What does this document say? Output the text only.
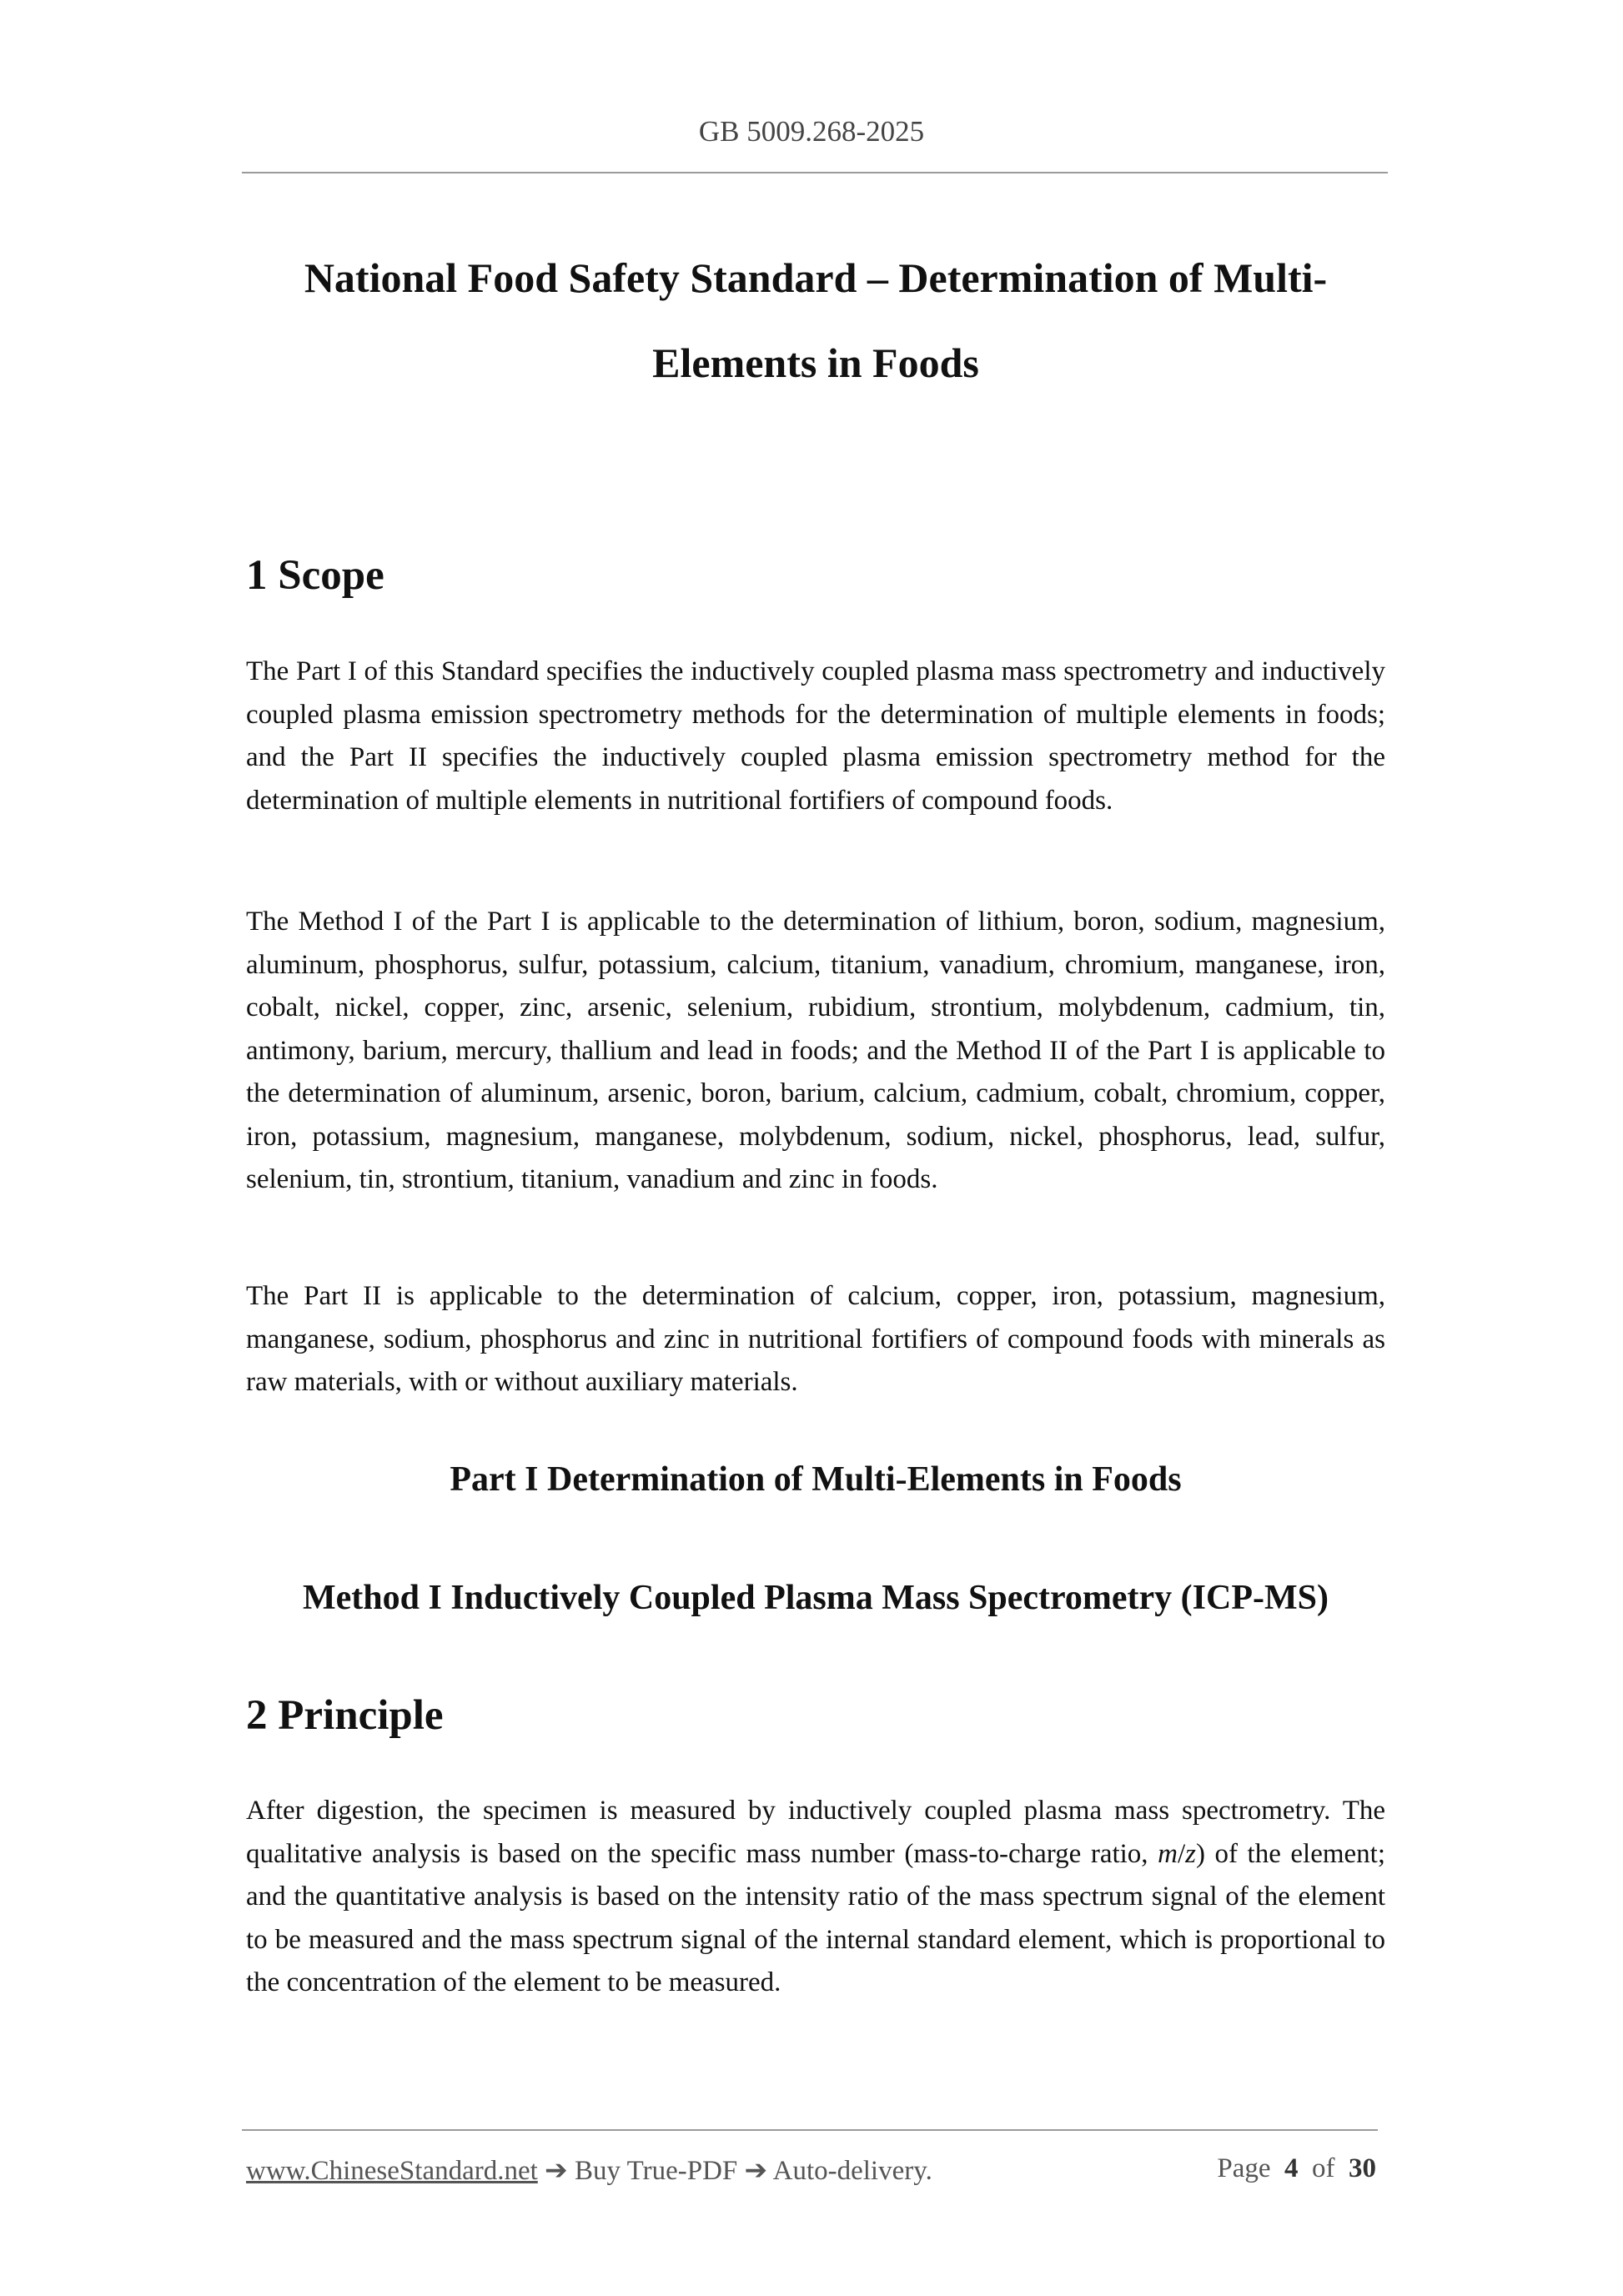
GB 5009.268-2025
National Food Safety Standard – Determination of Multi-Elements in Foods
1 Scope

The Part I of this Standard specifies the inductively coupled plasma mass spectrometry and inductively coupled plasma emission spectrometry methods for the determination of multiple elements in foods; and the Part II specifies the inductively coupled plasma emission spectrometry method for the determination of multiple elements in nutritional fortifiers of compound foods.

The Method I of the Part I is applicable to the determination of lithium, boron, sodium, magnesium, aluminum, phosphorus, sulfur, potassium, calcium, titanium, vanadium, chromium, manganese, iron, cobalt, nickel, copper, zinc, arsenic, selenium, rubidium, strontium, molybdenum, cadmium, tin, antimony, barium, mercury, thallium and lead in foods; and the Method II of the Part I is applicable to the determination of aluminum, arsenic, boron, barium, calcium, cadmium, cobalt, chromium, copper, iron, potassium, magnesium, manganese, molybdenum, sodium, nickel, phosphorus, lead, sulfur, selenium, tin, strontium, titanium, vanadium and zinc in foods.

The Part II is applicable to the determination of calcium, copper, iron, potassium, magnesium, manganese, sodium, phosphorus and zinc in nutritional fortifiers of compound foods with minerals as raw materials, with or without auxiliary materials.

Part I Determination of Multi-Elements in Foods
Method I Inductively Coupled Plasma Mass Spectrometry (ICP-MS)
2 Principle

After digestion, the specimen is measured by inductively coupled plasma mass spectrometry. The qualitative analysis is based on the specific mass number (mass-to-charge ratio, m/z) of the element; and the quantitative analysis is based on the intensity ratio of the mass spectrum signal of the element to be measured and the mass spectrum signal of the internal standard element, which is proportional to the concentration of the element to be measured.

www.ChineseStandard.net ➔ Buy True-PDF ➔ Auto-delivery.	Page 4 of 30
